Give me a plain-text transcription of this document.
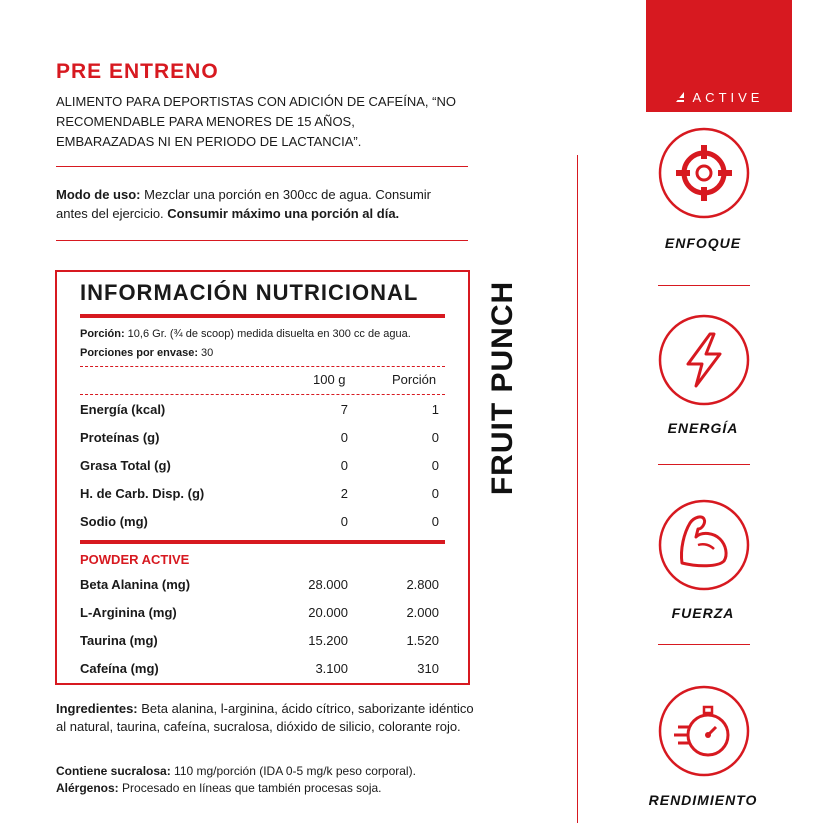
PRE ENTRENO
ALIMENTO PARA DEPORTISTAS CON ADICIÓN DE CAFEÍNA, “NO RECOMENDABLE PARA MENORES DE 15 AÑOS, EMBARAZADAS NI EN PERIODO DE LACTANCIA”.
Modo de uso: Mezclar una porción en 300cc de agua. Consumir antes del ejercicio. Consumir máximo una porción al día.
INFORMACIÓN NUTRICIONAL
Porción: 10,6 Gr. (¾ de scoop) medida disuelta en 300 cc de agua.
Porciones por envase: 30
100 g	Porción
Energía (kcal)	7	1
Proteínas (g)	0	0
Grasa Total (g)	0	0
H. de Carb. Disp. (g)	2	0
Sodio (mg)	0	0
POWDER ACTIVE
Beta Alanina (mg)	28.000	2.800
L-Arginina (mg)	20.000	2.000
Taurina (mg)	15.200	1.520
Cafeína (mg)	3.100	310
FRUIT PUNCH
Ingredientes: Beta alanina, l-arginina, ácido cítrico, saborizante idéntico al natural, taurina, cafeína, sucralosa, dióxido de silicio, colorante rojo.
Contiene sucralosa: 110 mg/porción (IDA 0-5 mg/k peso corporal).
Alérgenos: Procesado en líneas que también procesas soja.
ACTIVE
ENFOQUE
ENERGÍA
FUERZA
RENDIMIENTO
